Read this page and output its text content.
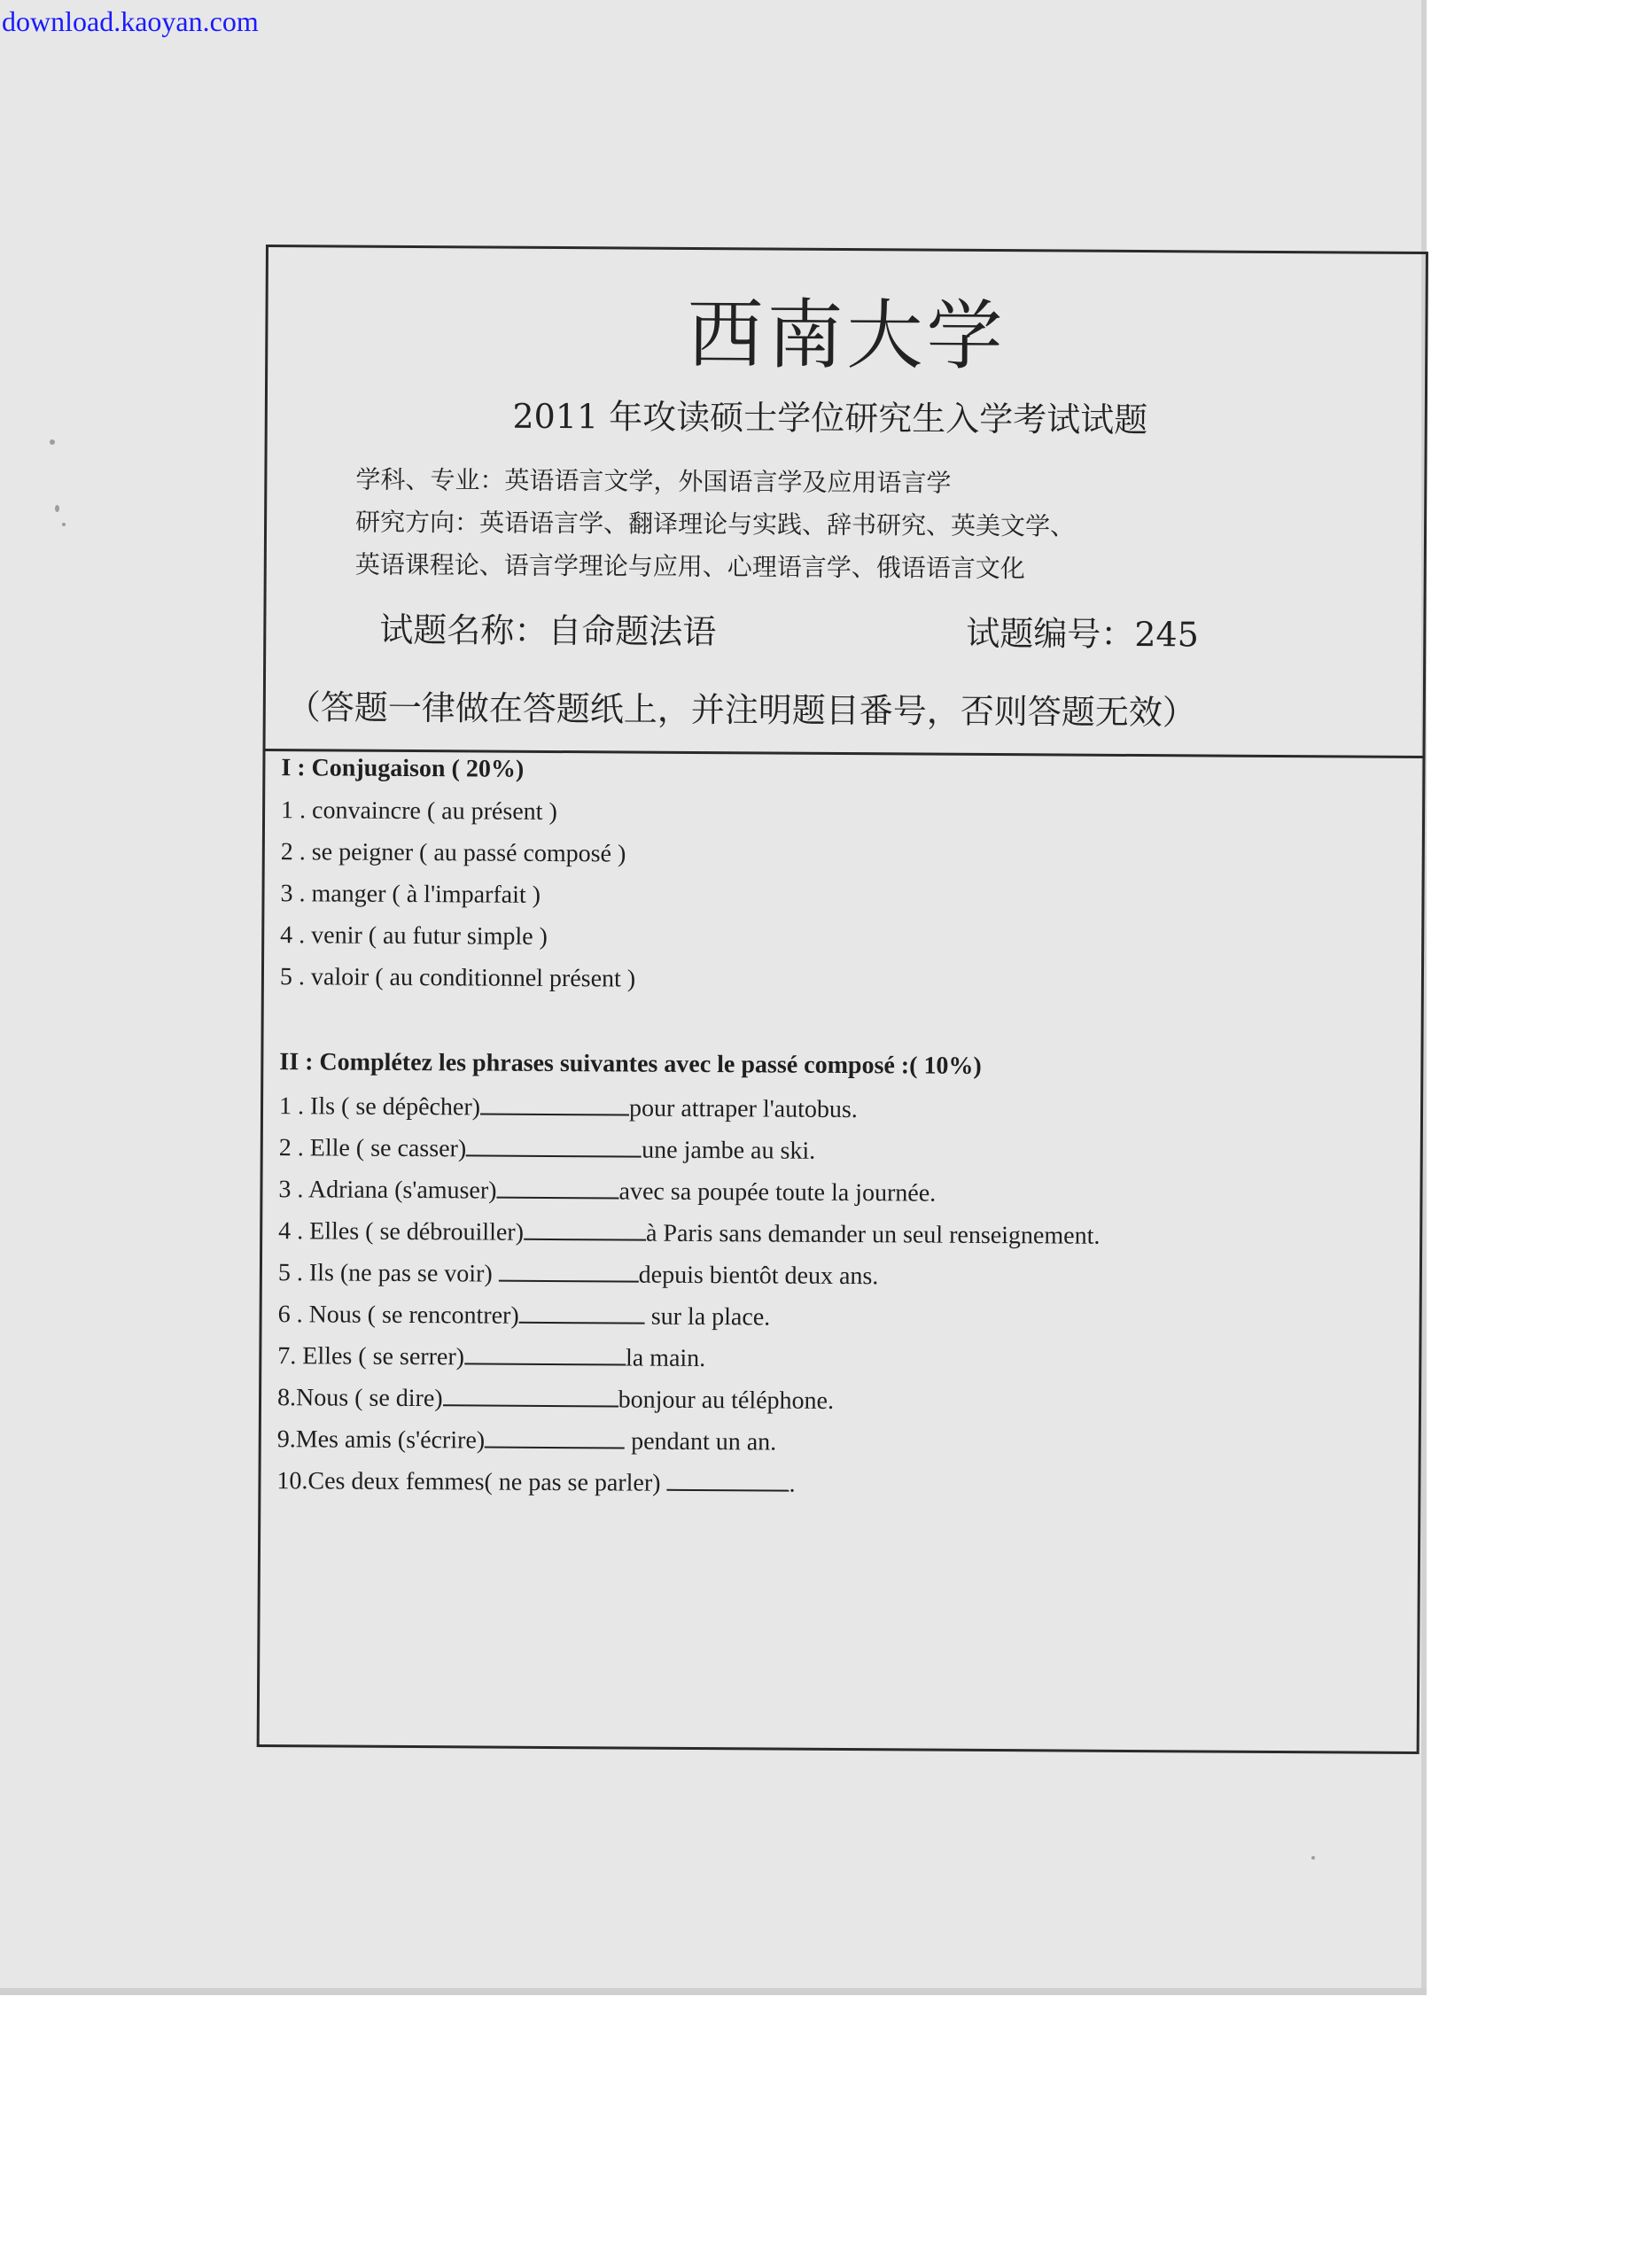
download.kaoyan.com
西南大学
2011 年攻读硕士学位研究生入学考试试题
学科、专业：英语语言文学，外国语言学及应用语言学
研究方向：英语语言学、翻译理论与实践、辞书研究、英美文学、
英语课程论、语言学理论与应用、心理语言学、俄语语言文化
试题名称：自命题法语	试题编号：245
（答题一律做在答题纸上，并注明题目番号，否则答题无效）
I : Conjugaison ( 20%)
1 . convaincre ( au présent )
2 . se peigner ( au passé composé )
3 . manger ( à l'imparfait )
4 . venir ( au futur simple )
5 . valoir ( au conditionnel présent )
II : Complétez les phrases suivantes avec le passé composé :( 10%)
1 . Ils ( se dépêcher)	pour attraper l'autobus.
2 . Elle ( se casser)	une jambe au ski.
3 . Adriana (s'amuser)	avec sa poupée toute la journée.
4 . Elles ( se débrouiller)	à Paris sans demander un seul renseignement.
5 . Ils (ne pas se voir)	depuis bientôt deux ans.
6 . Nous ( se rencontrer)	sur la place.
7. Elles ( se serrer)	la main.
8.Nous ( se dire)	bonjour au téléphone.
9.Mes amis (s'écrire)	pendant un an.
10.Ces deux femmes( ne pas se parler)	.
